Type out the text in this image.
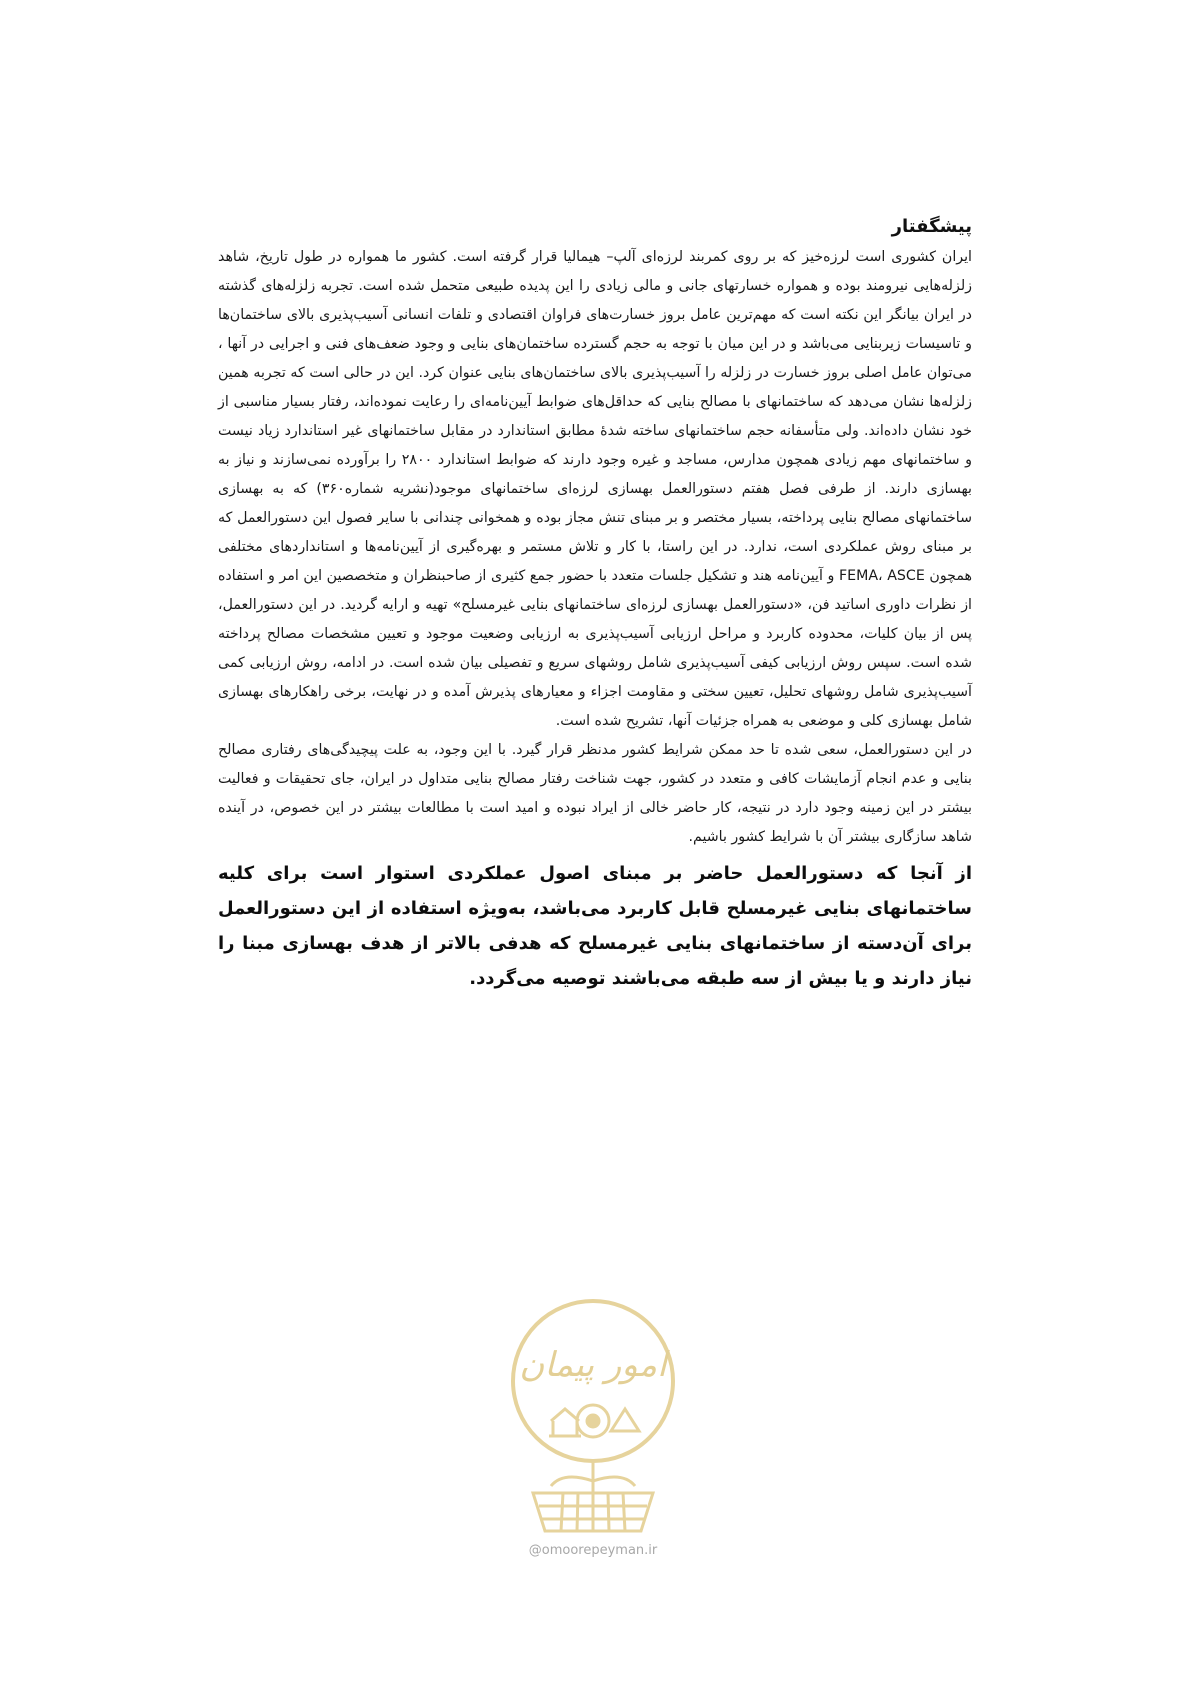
پیشگفتار

ایران کشوری است لرزه‌خیز که بر روی کمربند لرزه‌ای آلپ– هیمالیا قرار گرفته است. کشور ما همواره در طول تاریخ، شاهد زلزله‌هایی نیرومند بوده و همواره خسارتهای جانی و مالی زیادی را این پدیده طبیعی متحمل شده است. تجربه زلزله‌های گذشته در ایران بیانگر این نکته است که مهم‌ترین عامل بروز خسارت‌های فراوان اقتصادی و تلفات انسانی آسیب‌پذیری بالای ساختمان‌ها و تاسیسات زیربنایی می‌باشد و در این میان با توجه به حجم گسترده ساختمان‌های بنایی و وجود ضعف‌های فنی و اجرایی در آنها ، می‌توان عامل اصلی بروز خسارت در زلزله را آسیب‌پذیری بالای ساختمان‌های بنایی عنوان کرد. این در حالی است که تجربه همین زلزله‌ها نشان می‌دهد که ساختمانهای با مصالح بنایی که حداقل‌های ضوابط آیین‌نامه‌ای را رعایت نموده‌اند، رفتار بسیار مناسبی از خود نشان داده‌اند. ولی متأسفانه حجم ساختمانهای ساخته شدهٔ مطابق استاندارد در مقابل ساختمانهای غیر استاندارد زیاد نیست و ساختمانهای مهم زیادی همچون مدارس، مساجد و غیره وجود دارند که ضوابط استاندارد ۲۸۰۰ را برآورده نمی‌سازند و نیاز به بهسازی دارند. از طرفی فصل هفتم دستورالعمل بهسازی لرزه‌ای ساختمانهای موجود(نشریه شماره۳۶۰) که به بهسازی ساختمانهای مصالح بنایی پرداخته، بسیار مختصر و بر مبنای تنش مجاز بوده و همخوانی چندانی با سایر فصول این دستورالعمل که بر مبنای روش عملکردی است، ندارد. در این راستا، با کار و تلاش مستمر و بهره‌گیری از آیین‌نامه‌ها و استانداردهای مختلفی همچون FEMA، ASCE و آیین‌نامه هند و تشکیل جلسات متعدد با حضور جمع کثیری از صاحبنظران و متخصصین این امر و استفاده از نظرات داوری اساتید فن، «دستورالعمل بهسازی لرزه‌ای ساختمانهای بنایی غیرمسلح» تهیه و ارایه گردید. در این دستورالعمل، پس از بیان کلیات، محدوده کاربرد و مراحل ارزیابی آسیب‌پذیری به ارزیابی وضعیت موجود و تعیین مشخصات مصالح پرداخته شده است. سپس روش ارزیابی کیفی آسیب‌پذیری شامل روشهای سریع و تفصیلی بیان شده است. در ادامه، روش ارزیابی کمی آسیب‌پذیری شامل روشهای تحلیل، تعیین سختی و مقاومت اجزاء و معیارهای پذیرش آمده و در نهایت، برخی راهکارهای بهسازی شامل بهسازی کلی و موضعی به همراه جزئیات آنها، تشریح شده است.

در این دستورالعمل، سعی شده تا حد ممکن شرایط کشور مدنظر قرار گیرد. با این وجود، به علت پیچیدگی‌های رفتاری مصالح بنایی و عدم انجام آزمایشات کافی و متعدد در کشور، جهت شناخت رفتار مصالح بنایی متداول در ایران، جای تحقیقات و فعالیت بیشتر در این زمینه وجود دارد در نتیجه، کار حاضر خالی از ایراد نبوده و امید است با مطالعات بیشتر در این خصوص، در آینده شاهد سازگاری بیشتر آن با شرایط کشور باشیم.

از آنجا که دستورالعمل حاضر بر مبنای اصول عملکردی استوار است برای کلیه ساختمانهای بنایی غیرمسلح قابل کاربرد می‌باشد، به‌ویژه استفاده از این دستورالعمل برای آن‌دسته از ساختمانهای بنایی غیرمسلح که هدفی بالاتر از هدف بهسازی مبنا را نیاز دارند و یا بیش از سه طبقه می‌باشند توصیه می‌گردد.

امور پیمان
@omoorepeyman.ir
